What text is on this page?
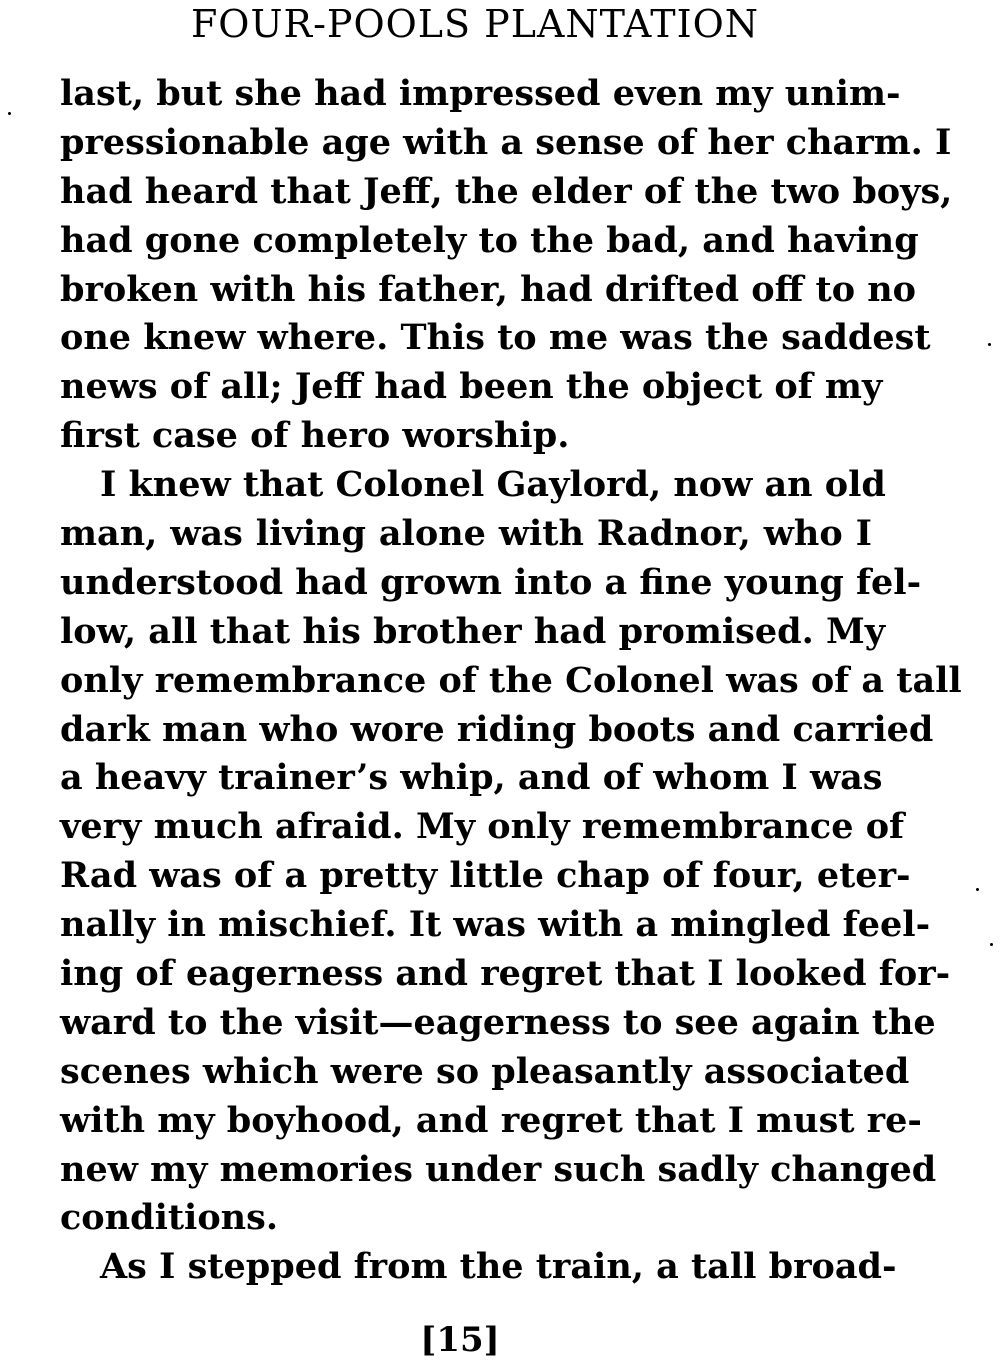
FOUR-POOLS PLANTATION
last, but she had impressed even my unim-
pressionable age with a sense of her charm. I
had heard that Jeff, the elder of the two boys,
had gone completely to the bad, and having
broken with his father, had drifted off to no
one knew where. This to me was the saddest
news of all; Jeff had been the object of my
first case of hero worship.
I knew that Colonel Gaylord, now an old
man, was living alone with Radnor, who I
understood had grown into a fine young fel-
low, all that his brother had promised. My
only remembrance of the Colonel was of a tall
dark man who wore riding boots and carried
a heavy trainer’s whip, and of whom I was
very much afraid. My only remembrance of
Rad was of a pretty little chap of four, eter-
nally in mischief. It was with a mingled feel-
ing of eagerness and regret that I looked for-
ward to the visit—eagerness to see again the
scenes which were so pleasantly associated
with my boyhood, and regret that I must re-
new my memories under such sadly changed
conditions.
As I stepped from the train, a tall broad-
[15]
